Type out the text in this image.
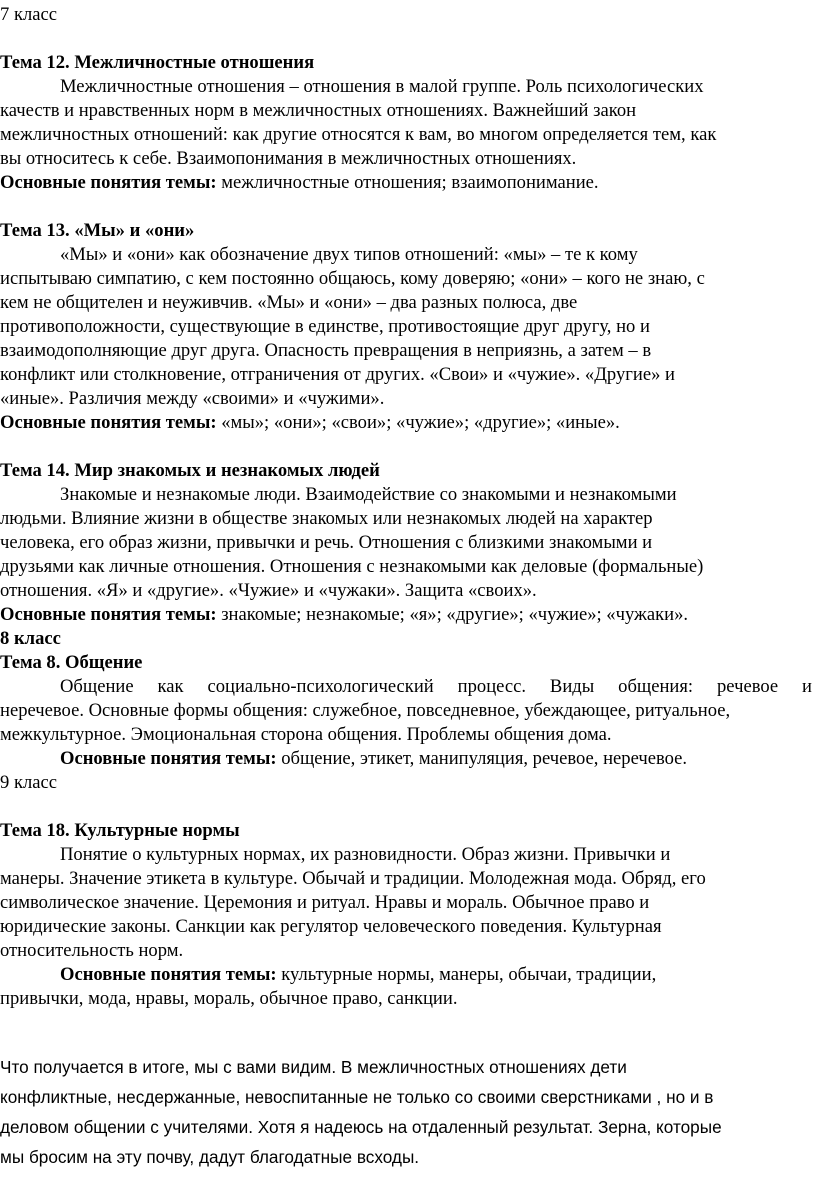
7 класс
Тема 12. Межличностные отношения
Межличностные отношения – отношения в малой группе. Роль психологических
качеств и нравственных норм в межличностных отношениях. Важнейший закон
межличностных отношений: как другие относятся к вам, во многом определяется тем, как
вы относитесь к себе. Взаимопонимания в межличностных отношениях.
Основные понятия темы: межличностные отношения; взаимопонимание.
Тема 13. «Мы» и «они»
«Мы» и «они» как обозначение двух типов отношений: «мы» – те к кому
испытываю симпатию, с кем постоянно общаюсь, кому доверяю; «они» – кого не знаю, с
кем не общителен и неуживчив. «Мы» и «они» – два разных полюса, две
противоположности, существующие в единстве, противостоящие друг другу, но и
взаимодополняющие друг друга. Опасность превращения в неприязнь, а затем – в
конфликт или столкновение, отграничения от других. «Свои» и «чужие». «Другие» и
«иные». Различия между «своими» и «чужими».
Основные понятия темы: «мы»; «они»; «свои»; «чужие»; «другие»; «иные».
Тема 14. Мир знакомых и незнакомых людей
Знакомые и незнакомые люди. Взаимодействие со знакомыми и незнакомыми
людьми. Влияние жизни в обществе знакомых или незнакомых людей на характер
человека, его образ жизни, привычки и речь. Отношения с близкими знакомыми и
друзьями как личные отношения. Отношения с незнакомыми как деловые (формальные)
отношения. «Я» и «другие». «Чужие» и «чужаки». Защита «своих».
Основные понятия темы: знакомые; незнакомые; «я»; «другие»; «чужие»; «чужаки».
8 класс
Тема 8. Общение

Общение как социально-психологический процесс. Виды общения: речевое и

неречевое. Основные формы общения: служебное, повседневное, убеждающее, ритуальное,
межкультурное. Эмоциональная сторона общения. Проблемы общения дома.
Основные понятия темы: общение, этикет, манипуляция, речевое, неречевое.
9 класс
Тема 18. Культурные нормы
Понятие о культурных нормах, их разновидности. Образ жизни. Привычки и
манеры. Значение этикета в культуре. Обычай и традиции. Молодежная мода. Обряд, его
символическое значение. Церемония и ритуал. Нравы и мораль. Обычное право и
юридические законы. Санкции как регулятор человеческого поведения. Культурная
относительность норм.
Основные понятия темы: культурные нормы, манеры, обычаи, традиции,
привычки, мода, нравы, мораль, обычное право, санкции.
Что получается в итоге, мы с вами видим. В межличностных отношениях дети
конфликтные, несдержанные, невоспитанные не только со своими сверстниками , но и в
деловом общении с учителями. Хотя я надеюсь на отдаленный результат. Зерна, которые
мы бросим на эту почву, дадут благодатные всходы.
